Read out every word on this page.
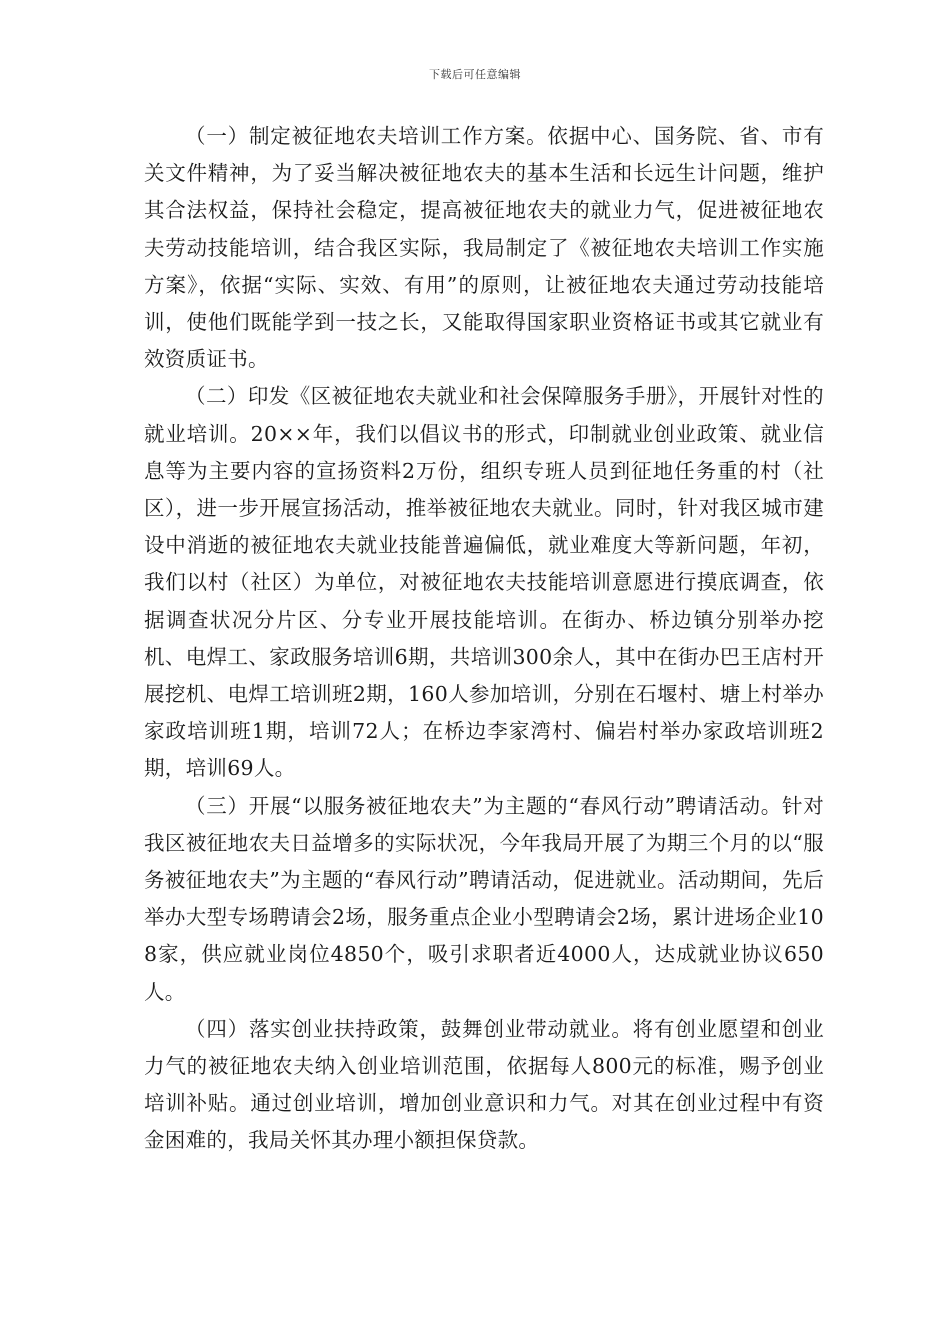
下载后可任意编辑

（一）制定被征地农夫培训工作方案。依据中心、国务院、省、市有关文件精神，为了妥当解决被征地农夫的基本生活和长远生计问题，维护其合法权益，保持社会稳定，提高被征地农夫的就业力气，促进被征地农夫劳动技能培训，结合我区实际，我局制定了《被征地农夫培训工作实施方案》，依据“实际、实效、有用”的原则，让被征地农夫通过劳动技能培训，使他们既能学到一技之长，又能取得国家职业资格证书或其它就业有效资质证书。

（二）印发《区被征地农夫就业和社会保障服务手册》，开展针对性的就业培训。20××年，我们以倡议书的形式，印制就业创业政策、就业信息等为主要内容的宣扬资料2万份，组织专班人员到征地任务重的村（社区），进一步开展宣扬活动，推举被征地农夫就业。同时，针对我区城市建设中消逝的被征地农夫就业技能普遍偏低，就业难度大等新问题，年初，我们以村（社区）为单位，对被征地农夫技能培训意愿进行摸底调查，依据调查状况分片区、分专业开展技能培训。在街办、桥边镇分别举办挖机、电焊工、家政服务培训6期，共培训300余人，其中在街办巴王店村开展挖机、电焊工培训班2期，160人参加培训，分别在石堰村、塘上村举办家政培训班1期，培训72人；在桥边李家湾村、偏岩村举办家政培训班2期，培训69人。

（三）开展“以服务被征地农夫”为主题的“春风行动”聘请活动。针对我区被征地农夫日益增多的实际状况，今年我局开展了为期三个月的以“服务被征地农夫”为主题的“春风行动”聘请活动，促进就业。活动期间，先后举办大型专场聘请会2场，服务重点企业小型聘请会2场，累计进场企业108家，供应就业岗位4850个，吸引求职者近4000人，达成就业协议650人。

（四）落实创业扶持政策，鼓舞创业带动就业。将有创业愿望和创业力气的被征地农夫纳入创业培训范围，依据每人800元的标准，赐予创业培训补贴。通过创业培训，增加创业意识和力气。对其在创业过程中有资金困难的，我局关怀其办理小额担保贷款。
